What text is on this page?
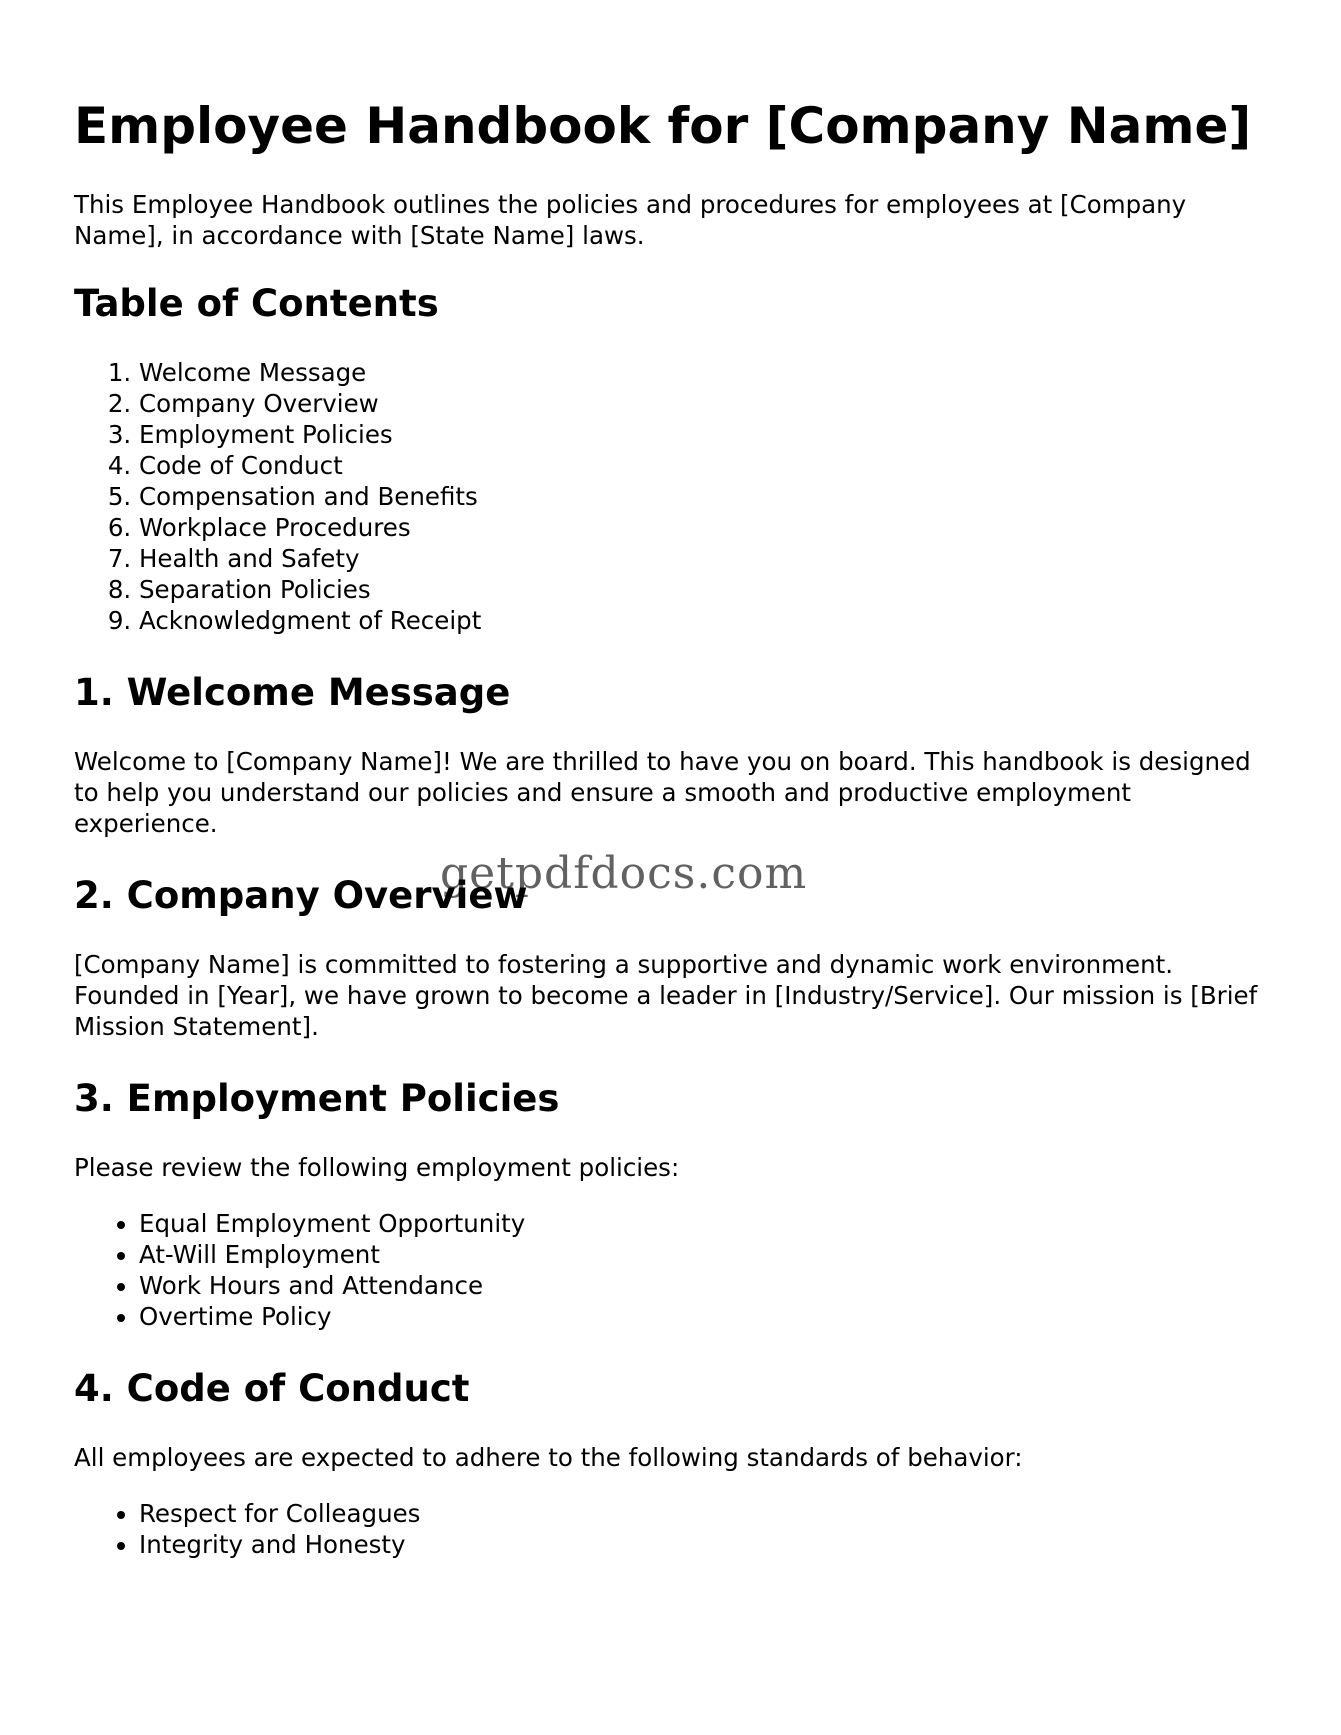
Employee Handbook for [Company Name]

This Employee Handbook outlines the policies and procedures for employees at [Company Name], in accordance with [State Name] laws.

Table of Contents
1. Welcome Message
2. Company Overview
3. Employment Policies
4. Code of Conduct
5. Compensation and Benefits
6. Workplace Procedures
7. Health and Safety
8. Separation Policies
9. Acknowledgment of Receipt
1. Welcome Message

Welcome to [Company Name]! We are thrilled to have you on board. This handbook is designed to help you understand our policies and ensure a smooth and productive employment experience.

2. Company Overview

[Company Name] is committed to fostering a supportive and dynamic work environment. Founded in [Year], we have grown to become a leader in [Industry/Service]. Our mission is [Brief Mission Statement].

3. Employment Policies

Please review the following employment policies:

• Equal Employment Opportunity
• At-Will Employment
• Work Hours and Attendance
• Overtime Policy
4. Code of Conduct

All employees are expected to adhere to the following standards of behavior:

• Respect for Colleagues
• Integrity and Honesty
getpdfdocs.com
